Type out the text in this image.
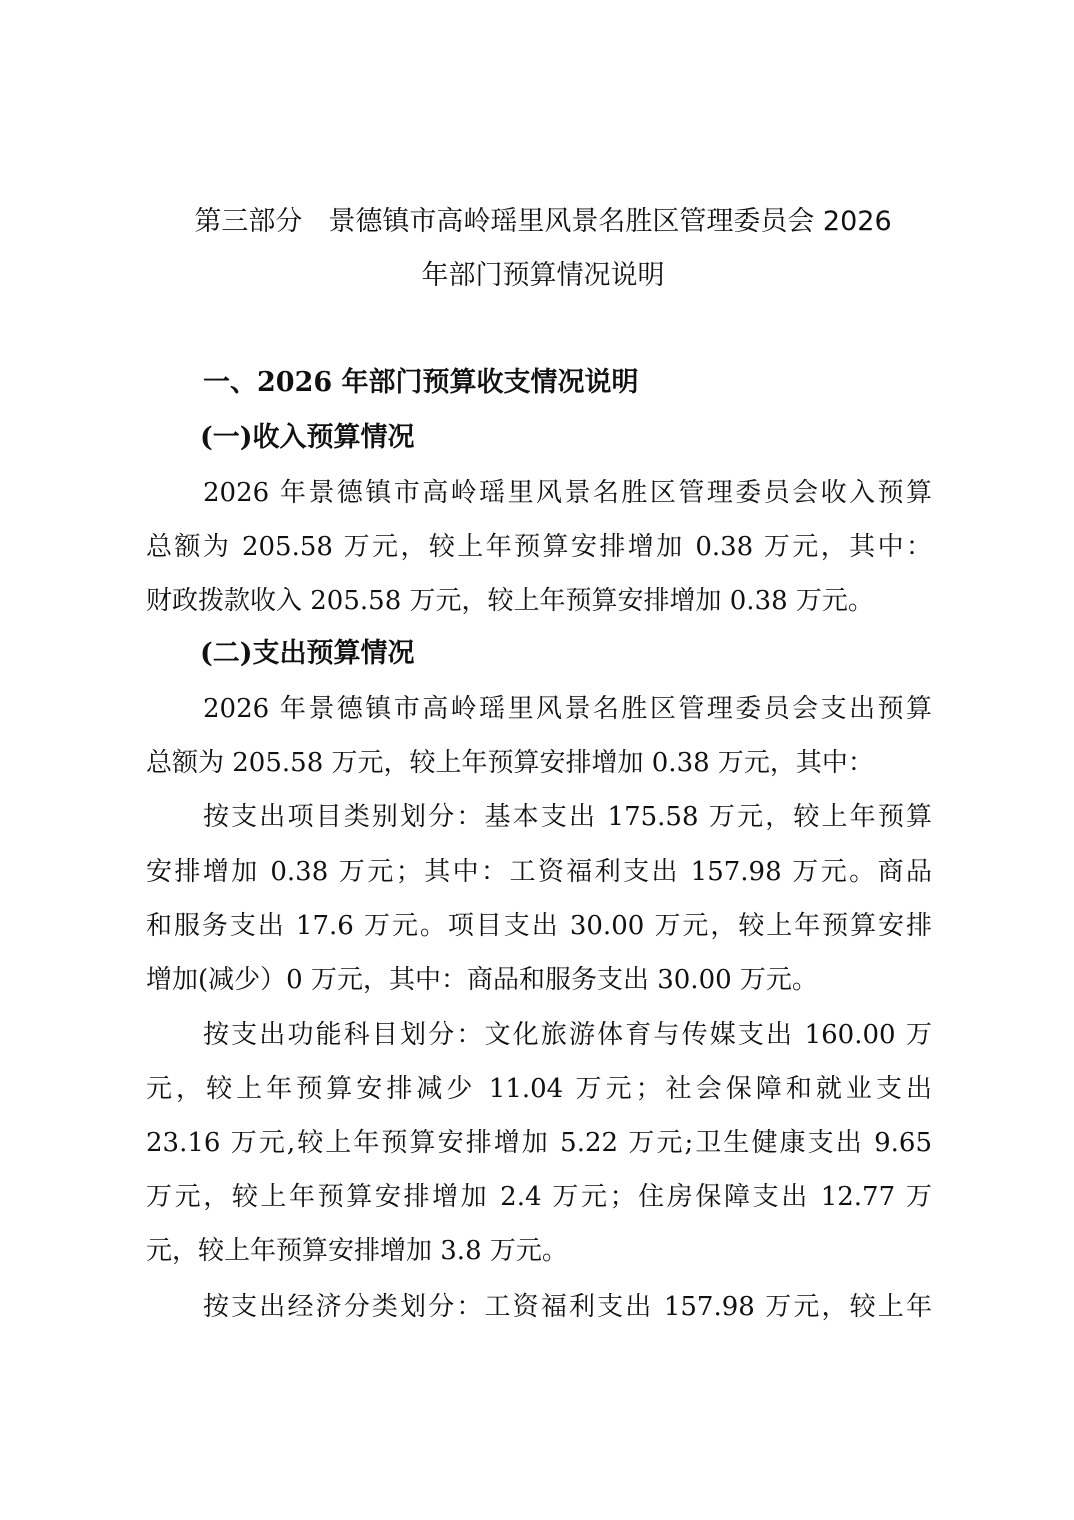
第三部分 景德镇市高岭瑶里风景名胜区管理委员会 2026
年部门预算情况说明
一、2026 年部门预算收支情况说明
(一)收入预算情况
2026 年景德镇市高岭瑶里风景名胜区管理委员会收入预算
总额为 205.58 万元，较上年预算安排增加 0.38 万元，其中：
财政拨款收入 205.58 万元，较上年预算安排增加 0.38 万元。
(二)支出预算情况
2026 年景德镇市高岭瑶里风景名胜区管理委员会支出预算
总额为 205.58 万元，较上年预算安排增加 0.38 万元，其中：
按支出项目类别划分：基本支出 175.58 万元，较上年预算
安排增加 0.38 万元；其中：工资福利支出 157.98 万元。商品
和服务支出 17.6 万元。项目支出 30.00 万元，较上年预算安排
增加(减少）0 万元，其中：商品和服务支出 30.00 万元。
按支出功能科目划分：文化旅游体育与传媒支出 160.00 万
元，较上年预算安排减少 11.04 万元；社会保障和就业支出
23.16 万元,较上年预算安排增加 5.22 万元;卫生健康支出 9.65
万元，较上年预算安排增加 2.4 万元；住房保障支出 12.77 万
元，较上年预算安排增加 3.8 万元。
按支出经济分类划分：工资福利支出 157.98 万元，较上年
